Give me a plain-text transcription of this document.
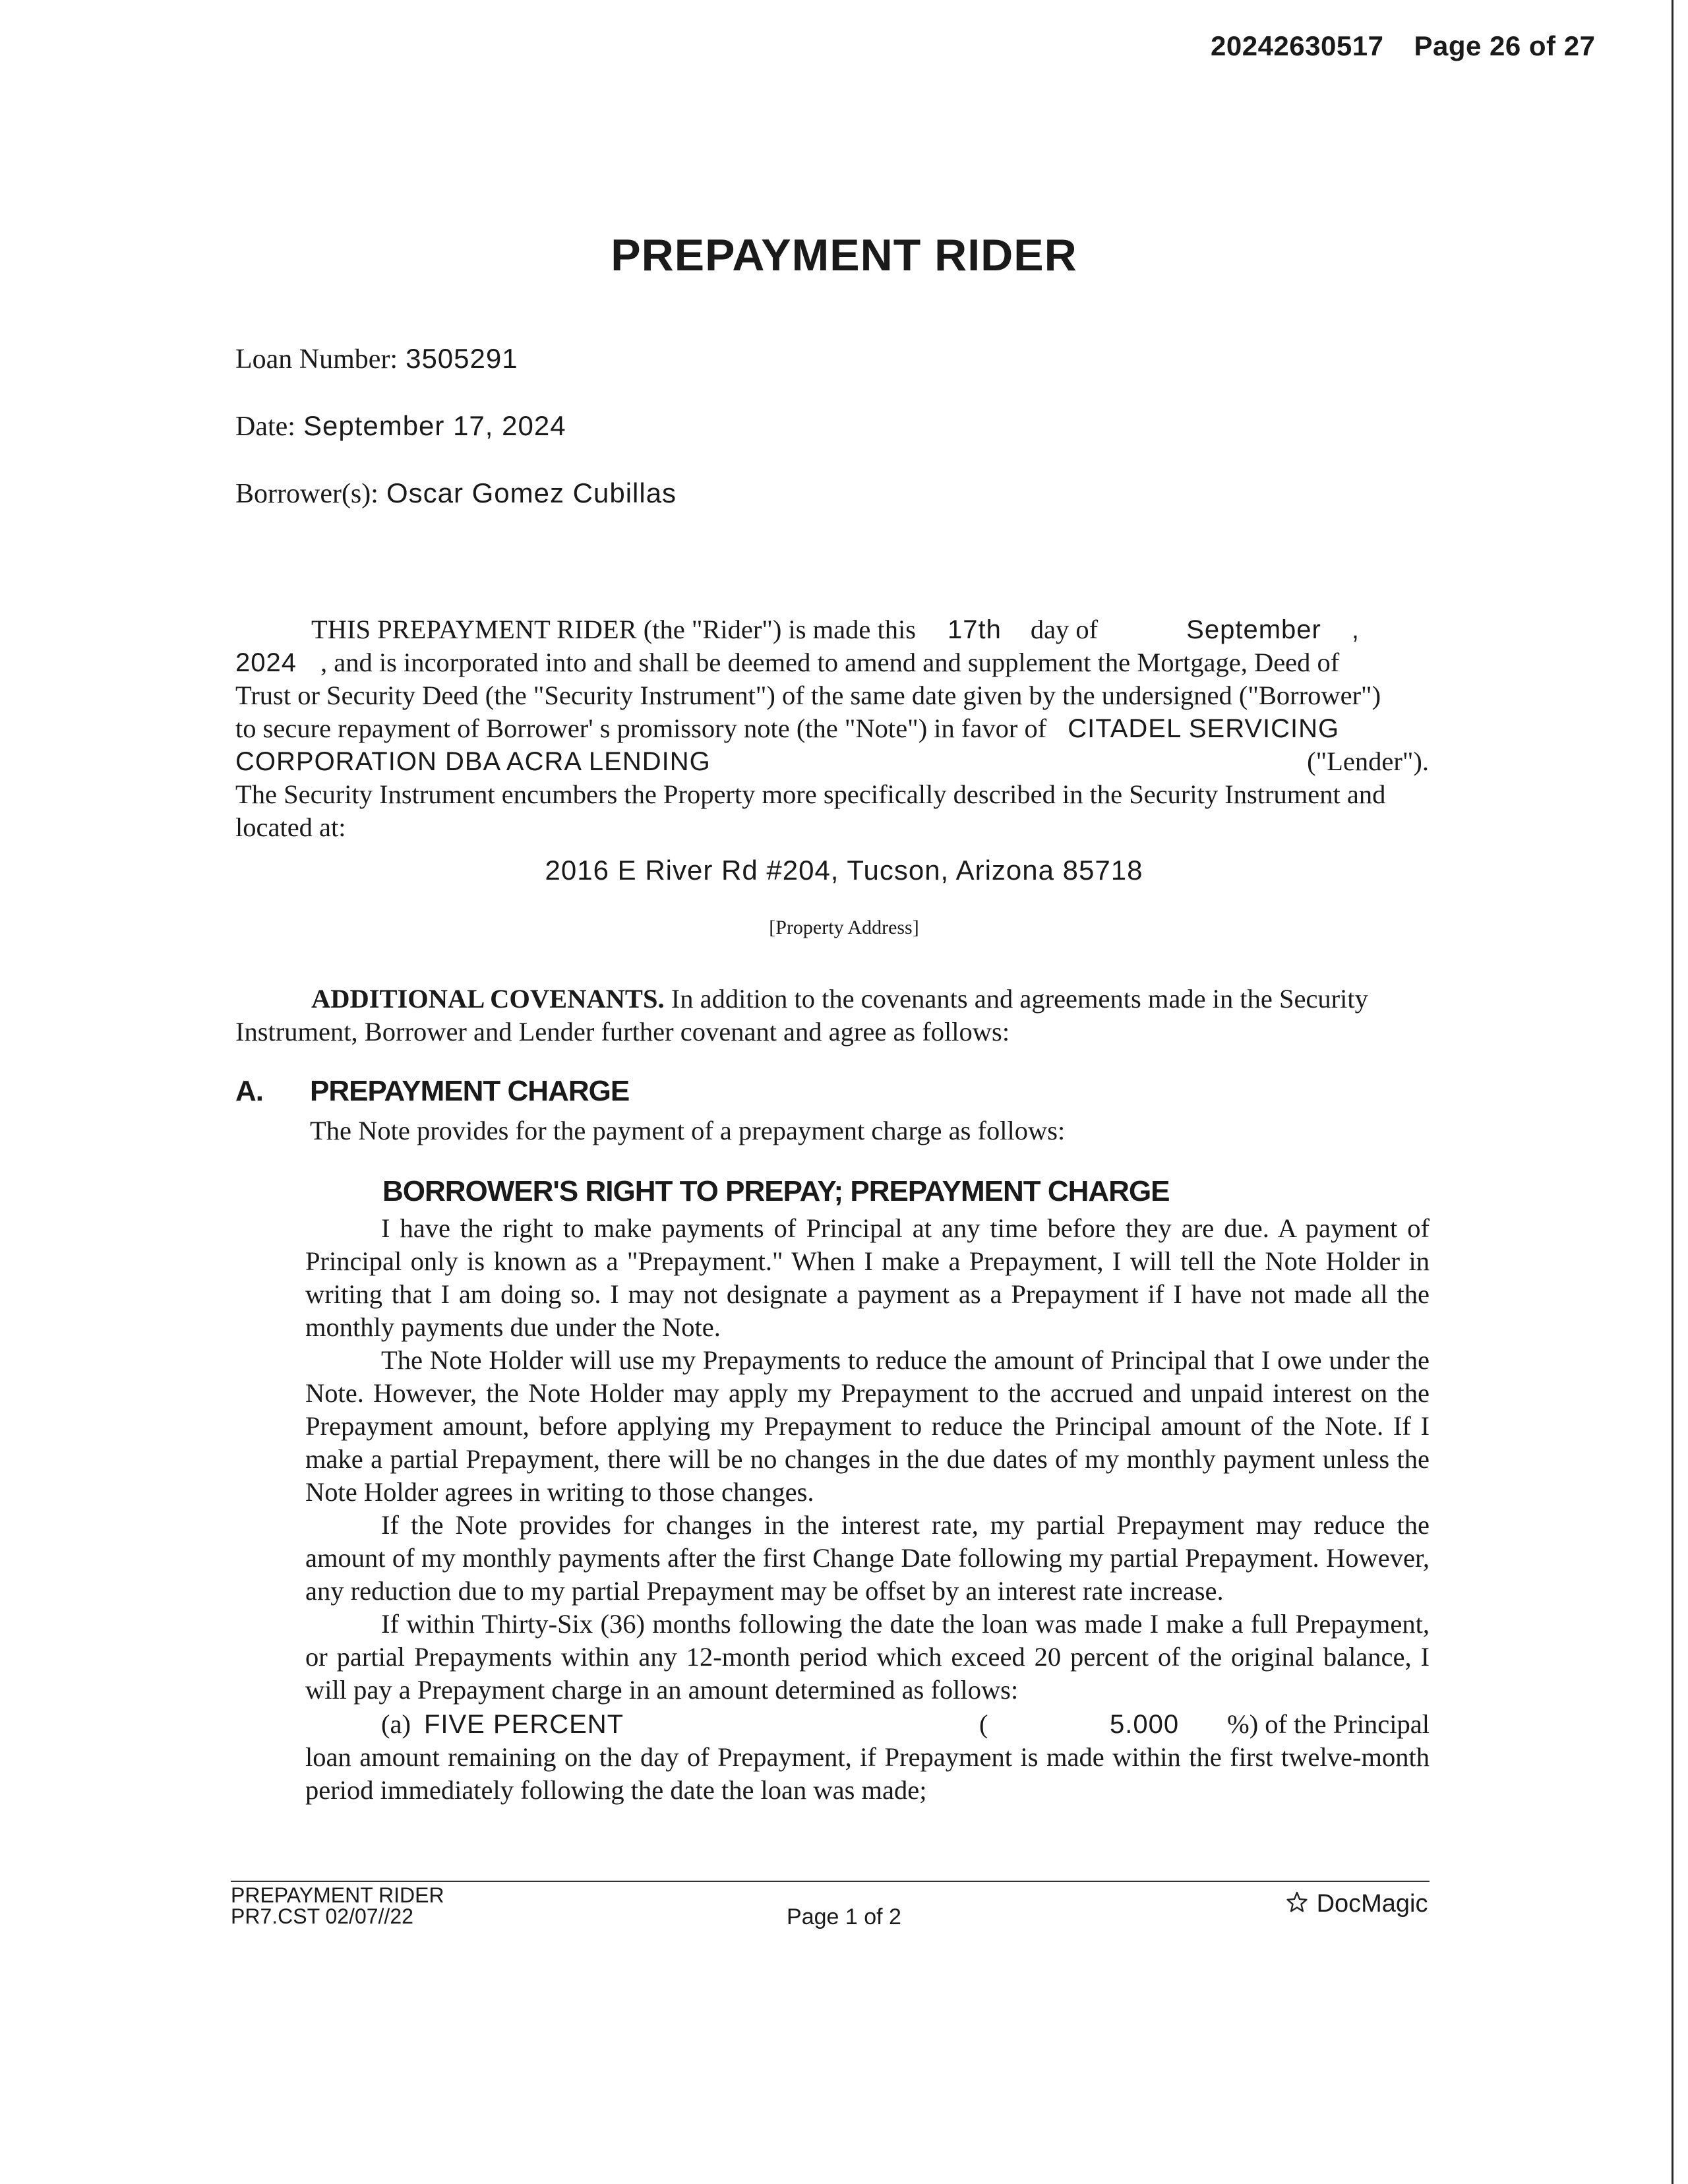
20242630517 Page 26 of 27
PREPAYMENT RIDER
Loan Number: 3505291
Date: September 17, 2024
Borrower(s): Oscar Gomez Cubillas
THIS PREPAYMENT RIDER (the "Rider") is made this 17th day of	September ,
2024 , and is incorporated into and shall be deemed to amend and supplement the Mortgage, Deed of
Trust or Security Deed (the "Security Instrument") of the same date given by the undersigned ("Borrower")
to secure repayment of Borrower' s promissory note (the "Note") in favor of CITADEL SERVICING
CORPORATION DBA ACRA LENDING	("Lender").
The Security Instrument encumbers the Property more specifically described in the Security Instrument and
located at:
2016 E River Rd #204, Tucson, Arizona 85718
[Property Address]
ADDITIONAL COVENANTS. In addition to the covenants and agreements made in the Security
Instrument, Borrower and Lender further covenant and agree as follows:
A. PREPAYMENT CHARGE
The Note provides for the payment of a prepayment charge as follows:
BORROWER'S RIGHT TO PREPAY; PREPAYMENT CHARGE

I have the right to make payments of Principal at any time before they are due. A payment of Principal only is known as a "Prepayment." When I make a Prepayment, I will tell the Note Holder in writing that I am doing so. I may not designate a payment as a Prepayment if I have not made all the monthly payments due under the Note.

The Note Holder will use my Prepayments to reduce the amount of Principal that I owe under the Note. However, the Note Holder may apply my Prepayment to the accrued and unpaid interest on the Prepayment amount, before applying my Prepayment to reduce the Principal amount of the Note. If I make a partial Prepayment, there will be no changes in the due dates of my monthly payment unless the Note Holder agrees in writing to those changes.

If the Note provides for changes in the interest rate, my partial Prepayment may reduce the amount of my monthly payments after the first Change Date following my partial Prepayment. However, any reduction due to my partial Prepayment may be offset by an interest rate increase.

If within Thirty-Six (36) months following the date the loan was made I make a full Prepayment, or partial Prepayments within any 12-month period which exceed 20 percent of the original balance, I will pay a Prepayment charge in an amount determined as follows:

(a) FIVE PERCENT	(	5.000 %) of the Principal
loan amount remaining on the day of Prepayment, if Prepayment is made within the first twelve-month period immediately following the date the loan was made;
PREPAYMENT RIDER
PR7.CST 02/07//22	Page 1 of 2	DocMagic
